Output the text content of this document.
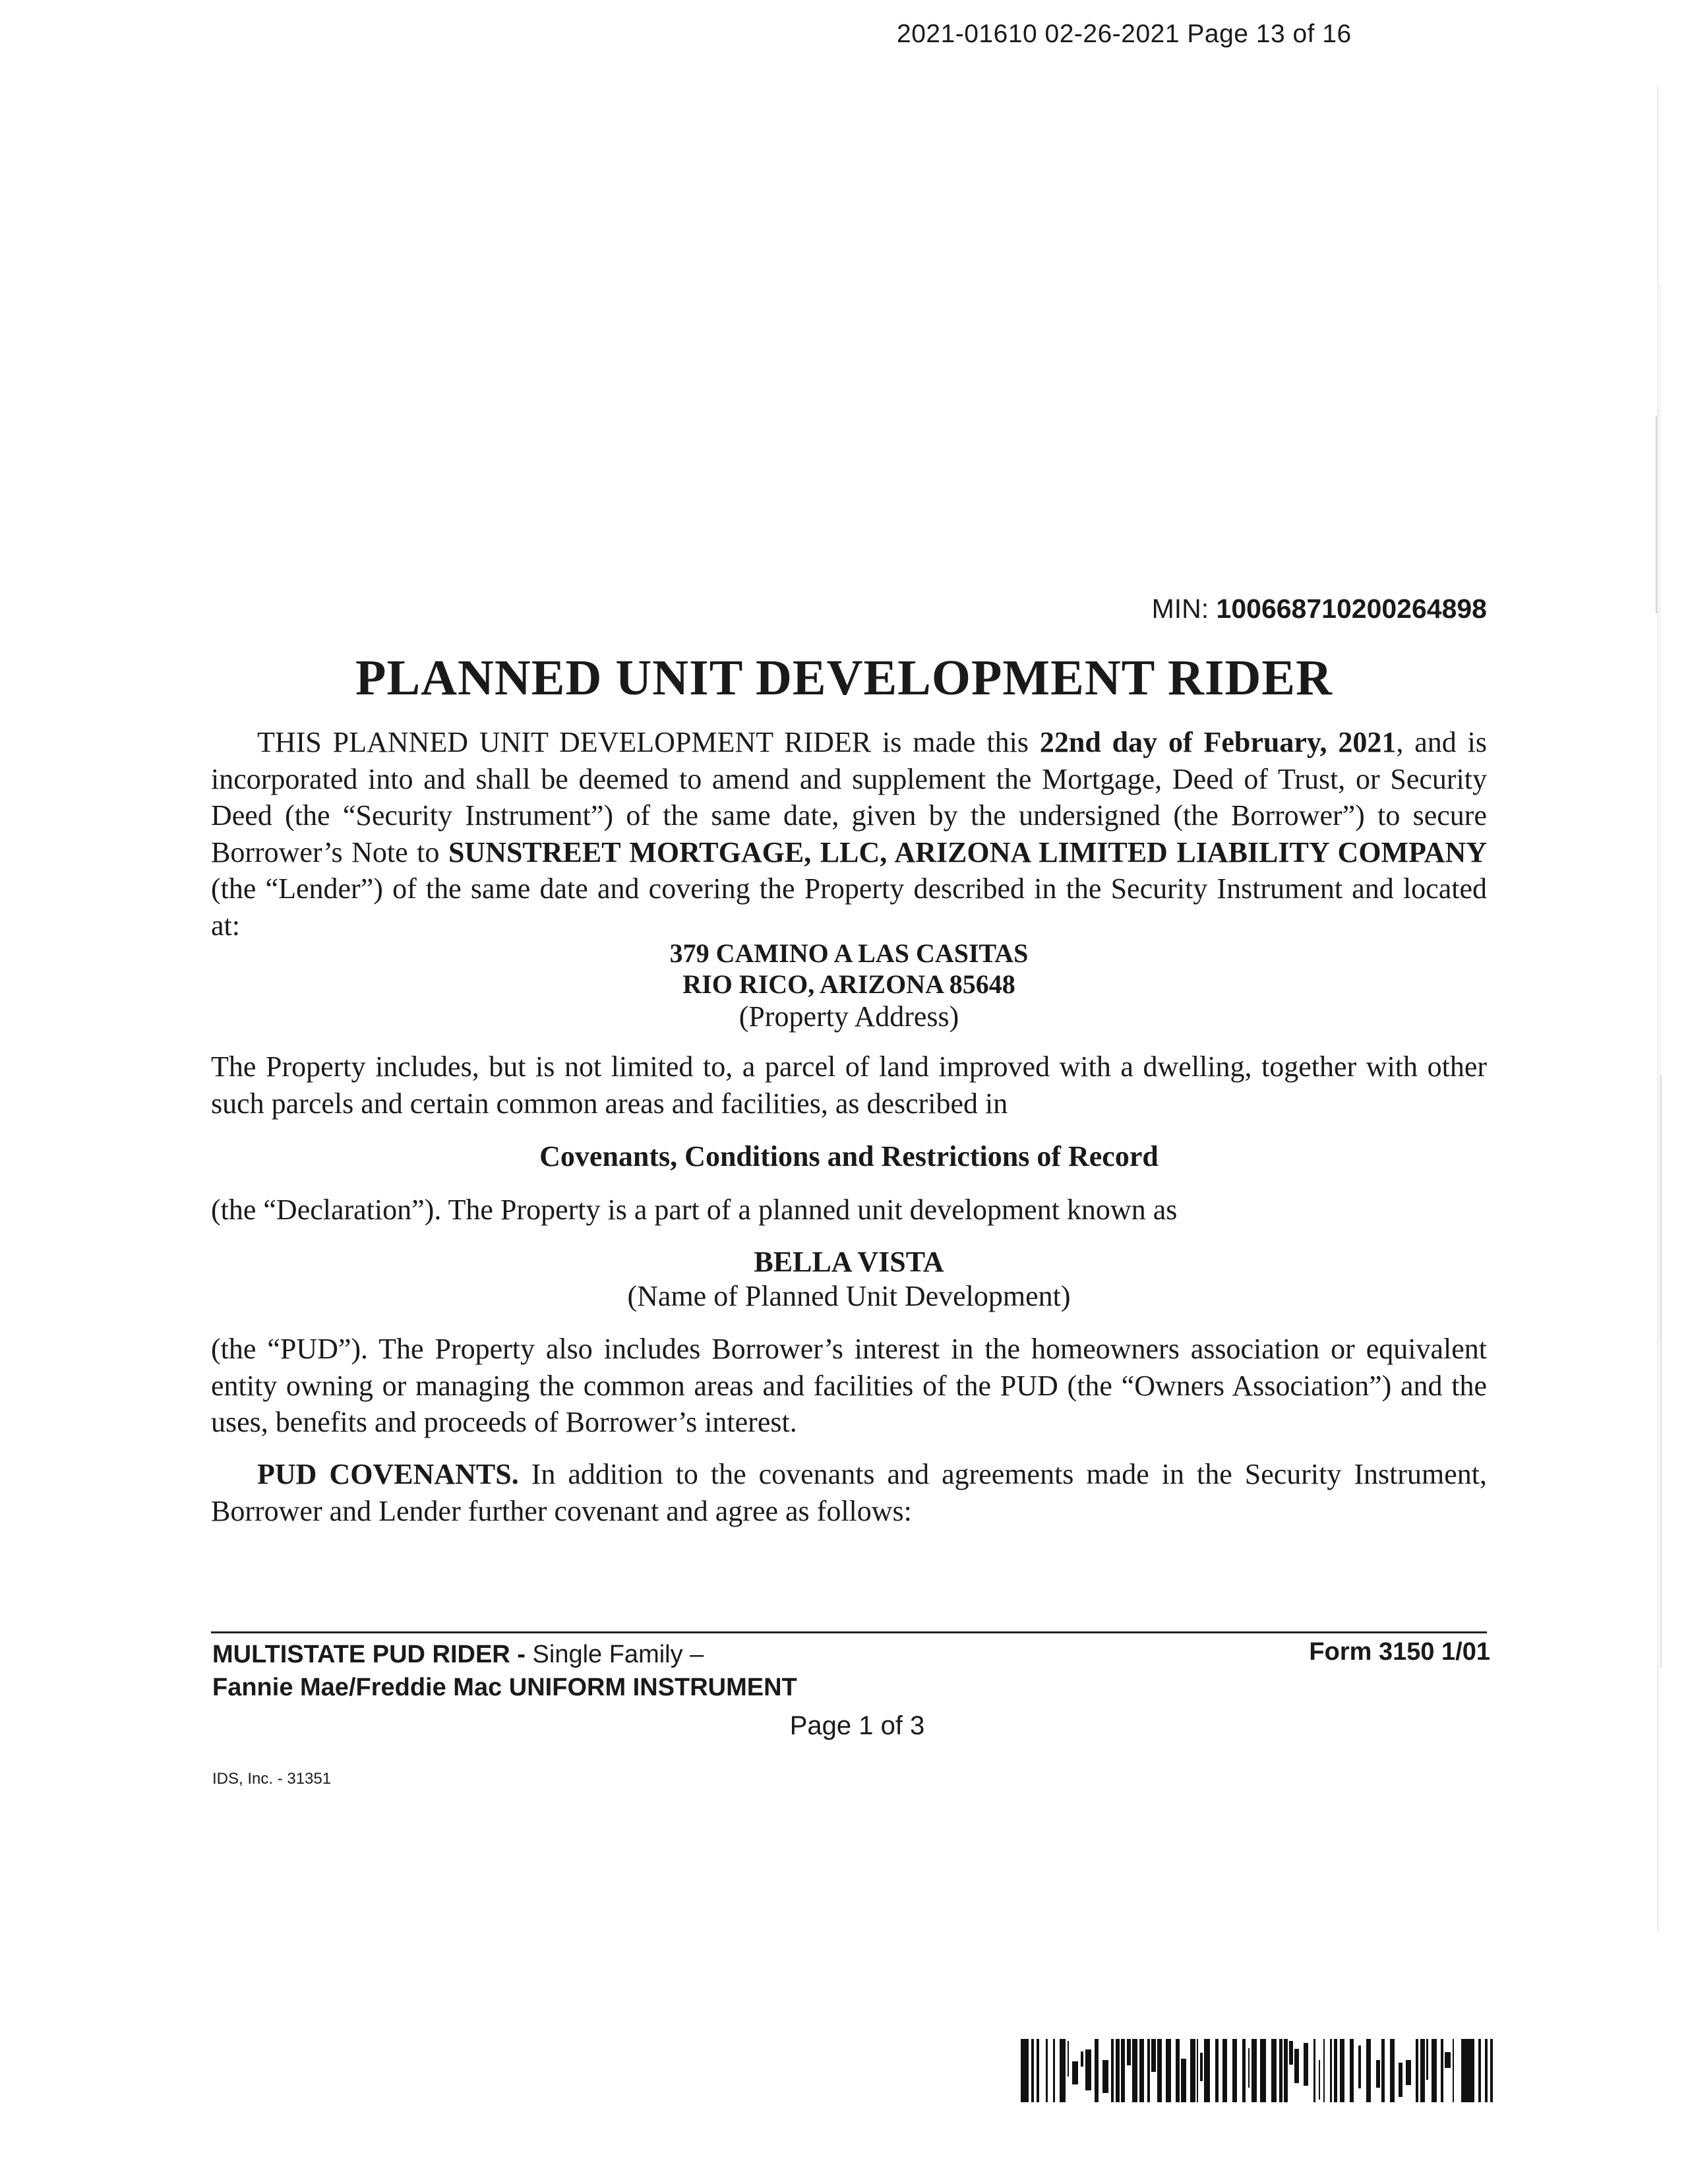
2021-01610 02-26-2021 Page 13 of 16
MIN: 100668710200264898
PLANNED UNIT DEVELOPMENT RIDER
THIS PLANNED UNIT DEVELOPMENT RIDER is made this 22nd day of February, 2021, and is incorporated into and shall be deemed to amend and supplement the Mortgage, Deed of Trust, or Security Deed (the “Security Instrument”) of the same date, given by the undersigned (the Borrower”) to secure Borrower’s Note to SUNSTREET MORTGAGE, LLC, ARIZONA LIMITED LIABILITY COMPANY (the “Lender”) of the same date and covering the Property described in the Security Instrument and located at:
379 CAMINO A LAS CASITAS
RIO RICO, ARIZONA 85648
(Property Address)
The Property includes, but is not limited to, a parcel of land improved with a dwelling, together with other such parcels and certain common areas and facilities, as described in
Covenants, Conditions and Restrictions of Record
(the “Declaration”). The Property is a part of a planned unit development known as
BELLA VISTA
(Name of Planned Unit Development)
(the “PUD”). The Property also includes Borrower’s interest in the homeowners association or equivalent entity owning or managing the common areas and facilities of the PUD (the “Owners Association”) and the uses, benefits and proceeds of Borrower’s interest.
PUD COVENANTS. In addition to the covenants and agreements made in the Security Instrument, Borrower and Lender further covenant and agree as follows:
MULTISTATE PUD RIDER - Single Family –
Fannie Mae/Freddie Mac UNIFORM INSTRUMENT
Form 3150 1/01
Page 1 of 3
IDS, Inc. - 31351
